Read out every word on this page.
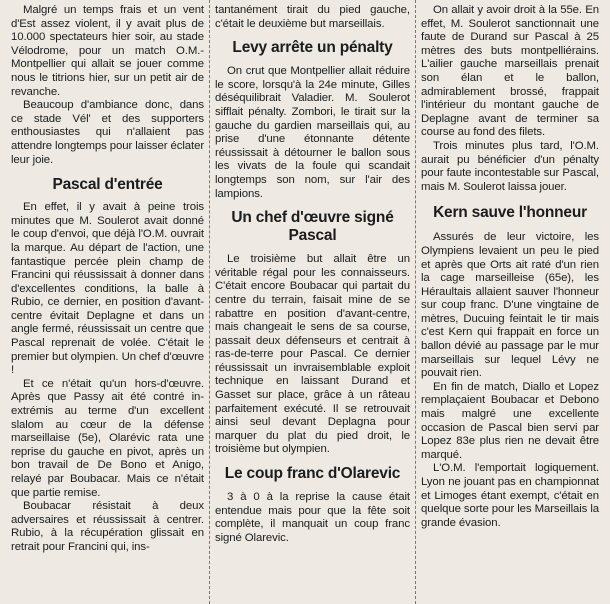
Malgré un temps frais et un vent d'Est assez violent, il y avait plus de 10.000 spectateurs hier soir, au stade Vélodrome, pour un match O.M.-Montpellier qui allait se jouer comme nous le titrions hier, sur un petit air de revanche.

Beaucoup d'ambiance donc, dans ce stade Vél' et des supporters enthousiastes qui n'allaient pas attendre longtemps pour laisser éclater leur joie.

Pascal d'entrée

En effet, il y avait à peine trois minutes que M. Soulerot avait donné le coup d'envoi, que déjà l'O.M. ouvrait la marque. Au départ de l'action, une fantastique percée plein champ de Francini qui réussissait à donner dans d'excellentes conditions, la balle à Rubio, ce dernier, en position d'avant-centre évitait Deplagne et dans un angle fermé, réussissait un centre que Pascal reprenait de volée. C'était le premier but olympien. Un chef d'œuvre !

Et ce n'était qu'un hors-d'œuvre. Après que Passy ait été contré in-extrémis au terme d'un excellent slalom au cœur de la défense marseillaise (5e), Olarévic rata une reprise du gauche en pivot, après un bon travail de De Bono et Anigo, relayé par Boubacar. Mais ce n'était que partie remise.

Boubacar résistait à deux adversaires et réussissait à centrer. Rubio, à la récupération glissait en retrait pour Francini qui, ins-

tantanément tirait du pied gauche, c'était le deuxième but marseillais.

Levy arrête un pénalty

On crut que Montpellier allait réduire le score, lorsqu'à la 24e minute, Gilles déséquilibrait Valadier. M. Soulerot sifflait pénalty. Zombori, le tirait sur la gauche du gardien marseillais qui, au prise d'une étonnante détente réussissait à détourner le ballon sous les vivats de la foule qui scandait longtemps son nom, sur l'air des lampions.

Un chef d'œuvre signé Pascal

Le troisième but allait être un véritable régal pour les connaisseurs. C'était encore Boubacar qui partait du centre du terrain, faisait mine de se rabattre en position d'avant-centre, mais changeait le sens de sa course, passait deux défenseurs et centrait à ras-de-terre pour Pascal. Ce dernier réussissait un invraisemblable exploit technique en laissant Durand et Gasset sur place, grâce à un râteau parfaitement exécuté. Il se retrouvait ainsi seul devant Deplagna pour marquer du plat du pied droit, le troisième but olympien.

Le coup franc d'Olarevic

3 à 0 à la reprise la cause était entendue mais pour que la fête soit complète, il manquait un coup franc signé Olarevic.

On allait y avoir droit à la 55e. En effet, M. Soulerot sanctionnait une faute de Durand sur Pascal à 25 mètres des buts montpelliérains. L'ailier gauche marseillais prenait son élan et le ballon, admirablement brossé, frappait l'intérieur du montant gauche de Deplagne avant de terminer sa course au fond des filets.

Trois minutes plus tard, l'O.M. aurait pu bénéficier d'un pénalty pour faute incontestable sur Pascal, mais M. Soulerot laissa jouer.

Kern sauve l'honneur

Assurés de leur victoire, les Olympiens levaient un peu le pied et après que Orts ait raté d'un rien la cage marseilleise (65e), les Héraultais allaient sauver l'honneur sur coup franc. D'une vingtaine de mètres, Ducuing feintait le tir mais c'est Kern qui frappait en force un ballon dévié au passage par le mur marseillais sur lequel Lévy ne pouvait rien.

En fin de match, Diallo et Lopez remplaçaient Boubacar et Debono mais malgré une excellente occasion de Pascal bien servi par Lopez 83e plus rien ne devait être marqué.

L'O.M. l'emportait logiquement. Lyon ne jouant pas en championnat et Limoges étant exempt, c'était en quelque sorte pour les Marseillais la grande évasion.
